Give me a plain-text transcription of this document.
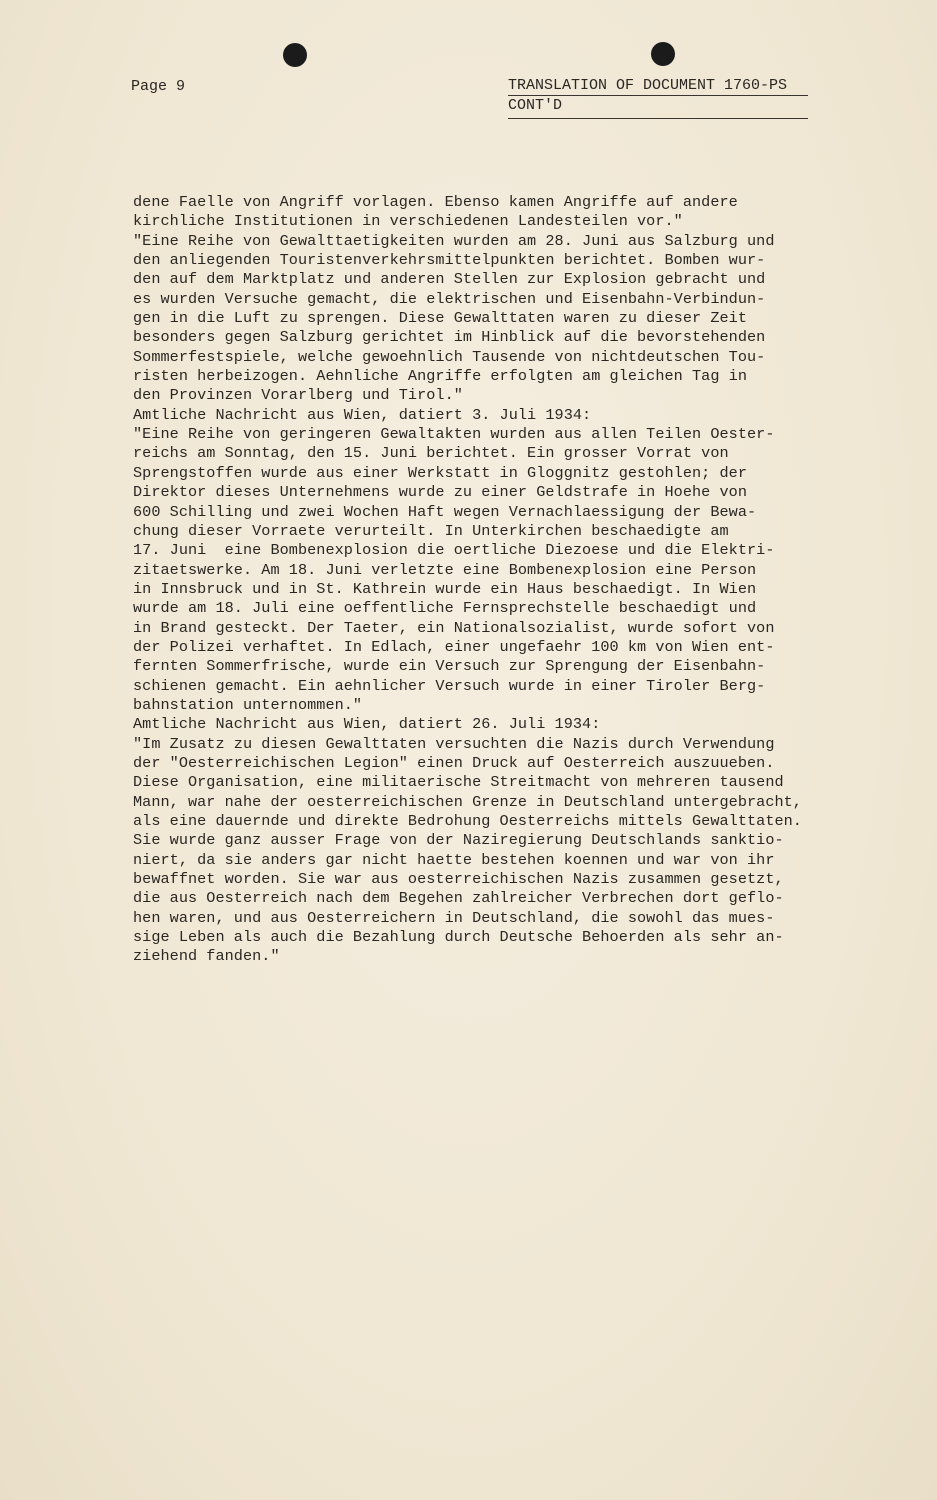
Page 9	TRANSLATION OF DOCUMENT 1760-PS
CONT'D
dene Faelle von Angriff vorlagen. Ebenso kamen Angriffe auf andere
kirchliche Institutionen in verschiedenen Landesteilen vor."
"Eine Reihe von Gewalttaetigkeiten wurden am 28. Juni aus Salzburg und
den anliegenden Touristenverkehrsmittelpunkten berichtet. Bomben wur-
den auf dem Marktplatz und anderen Stellen zur Explosion gebracht und
es wurden Versuche gemacht, die elektrischen und Eisenbahn-Verbindun-
gen in die Luft zu sprengen. Diese Gewalttaten waren zu dieser Zeit
besonders gegen Salzburg gerichtet im Hinblick auf die bevorstehenden
Sommerfestspiele, welche gewoehnlich Tausende von nichtdeutschen Tou-
risten herbeizogen. Aehnliche Angriffe erfolgten am gleichen Tag in
den Provinzen Vorarlberg und Tirol."
Amtliche Nachricht aus Wien, datiert 3. Juli 1934:
"Eine Reihe von geringeren Gewaltakten wurden aus allen Teilen Oester-
reichs am Sonntag, den 15. Juni berichtet. Ein grosser Vorrat von
Sprengstoffen wurde aus einer Werkstatt in Gloggnitz gestohlen; der
Direktor dieses Unternehmens wurde zu einer Geldstrafe in Hoehe von
600 Schilling und zwei Wochen Haft wegen Vernachlaessigung der Bewa-
chung dieser Vorraete verurteilt. In Unterkirchen beschaedigte am
17. Juni  eine Bombenexplosion die oertliche Diezoese und die Elektri-
zitaetswerke. Am 18. Juni verletzte eine Bombenexplosion eine Person
in Innsbruck und in St. Kathrein wurde ein Haus beschaedigt. In Wien
wurde am 18. Juli eine oeffentliche Fernsprechstelle beschaedigt und
in Brand gesteckt. Der Taeter, ein Nationalsozialist, wurde sofort von
der Polizei verhaftet. In Edlach, einer ungefaehr 100 km von Wien ent-
fernten Sommerfrische, wurde ein Versuch zur Sprengung der Eisenbahn-
schienen gemacht. Ein aehnlicher Versuch wurde in einer Tiroler Berg-
bahnstation unternommen."
Amtliche Nachricht aus Wien, datiert 26. Juli 1934:
"Im Zusatz zu diesen Gewalttaten versuchten die Nazis durch Verwendung
der "Oesterreichischen Legion" einen Druck auf Oesterreich auszuueben.
Diese Organisation, eine militaerische Streitmacht von mehreren tausend
Mann, war nahe der oesterreichischen Grenze in Deutschland untergebracht,
als eine dauernde und direkte Bedrohung Oesterreichs mittels Gewalttaten.
Sie wurde ganz ausser Frage von der Naziregierung Deutschlands sanktio-
niert, da sie anders gar nicht haette bestehen koennen und war von ihr
bewaffnet worden. Sie war aus oesterreichischen Nazis zusammen gesetzt,
die aus Oesterreich nach dem Begehen zahlreicher Verbrechen dort geflo-
hen waren, und aus Oesterreichern in Deutschland, die sowohl das mues-
sige Leben als auch die Bezahlung durch Deutsche Behoerden als sehr an-
ziehend fanden."
